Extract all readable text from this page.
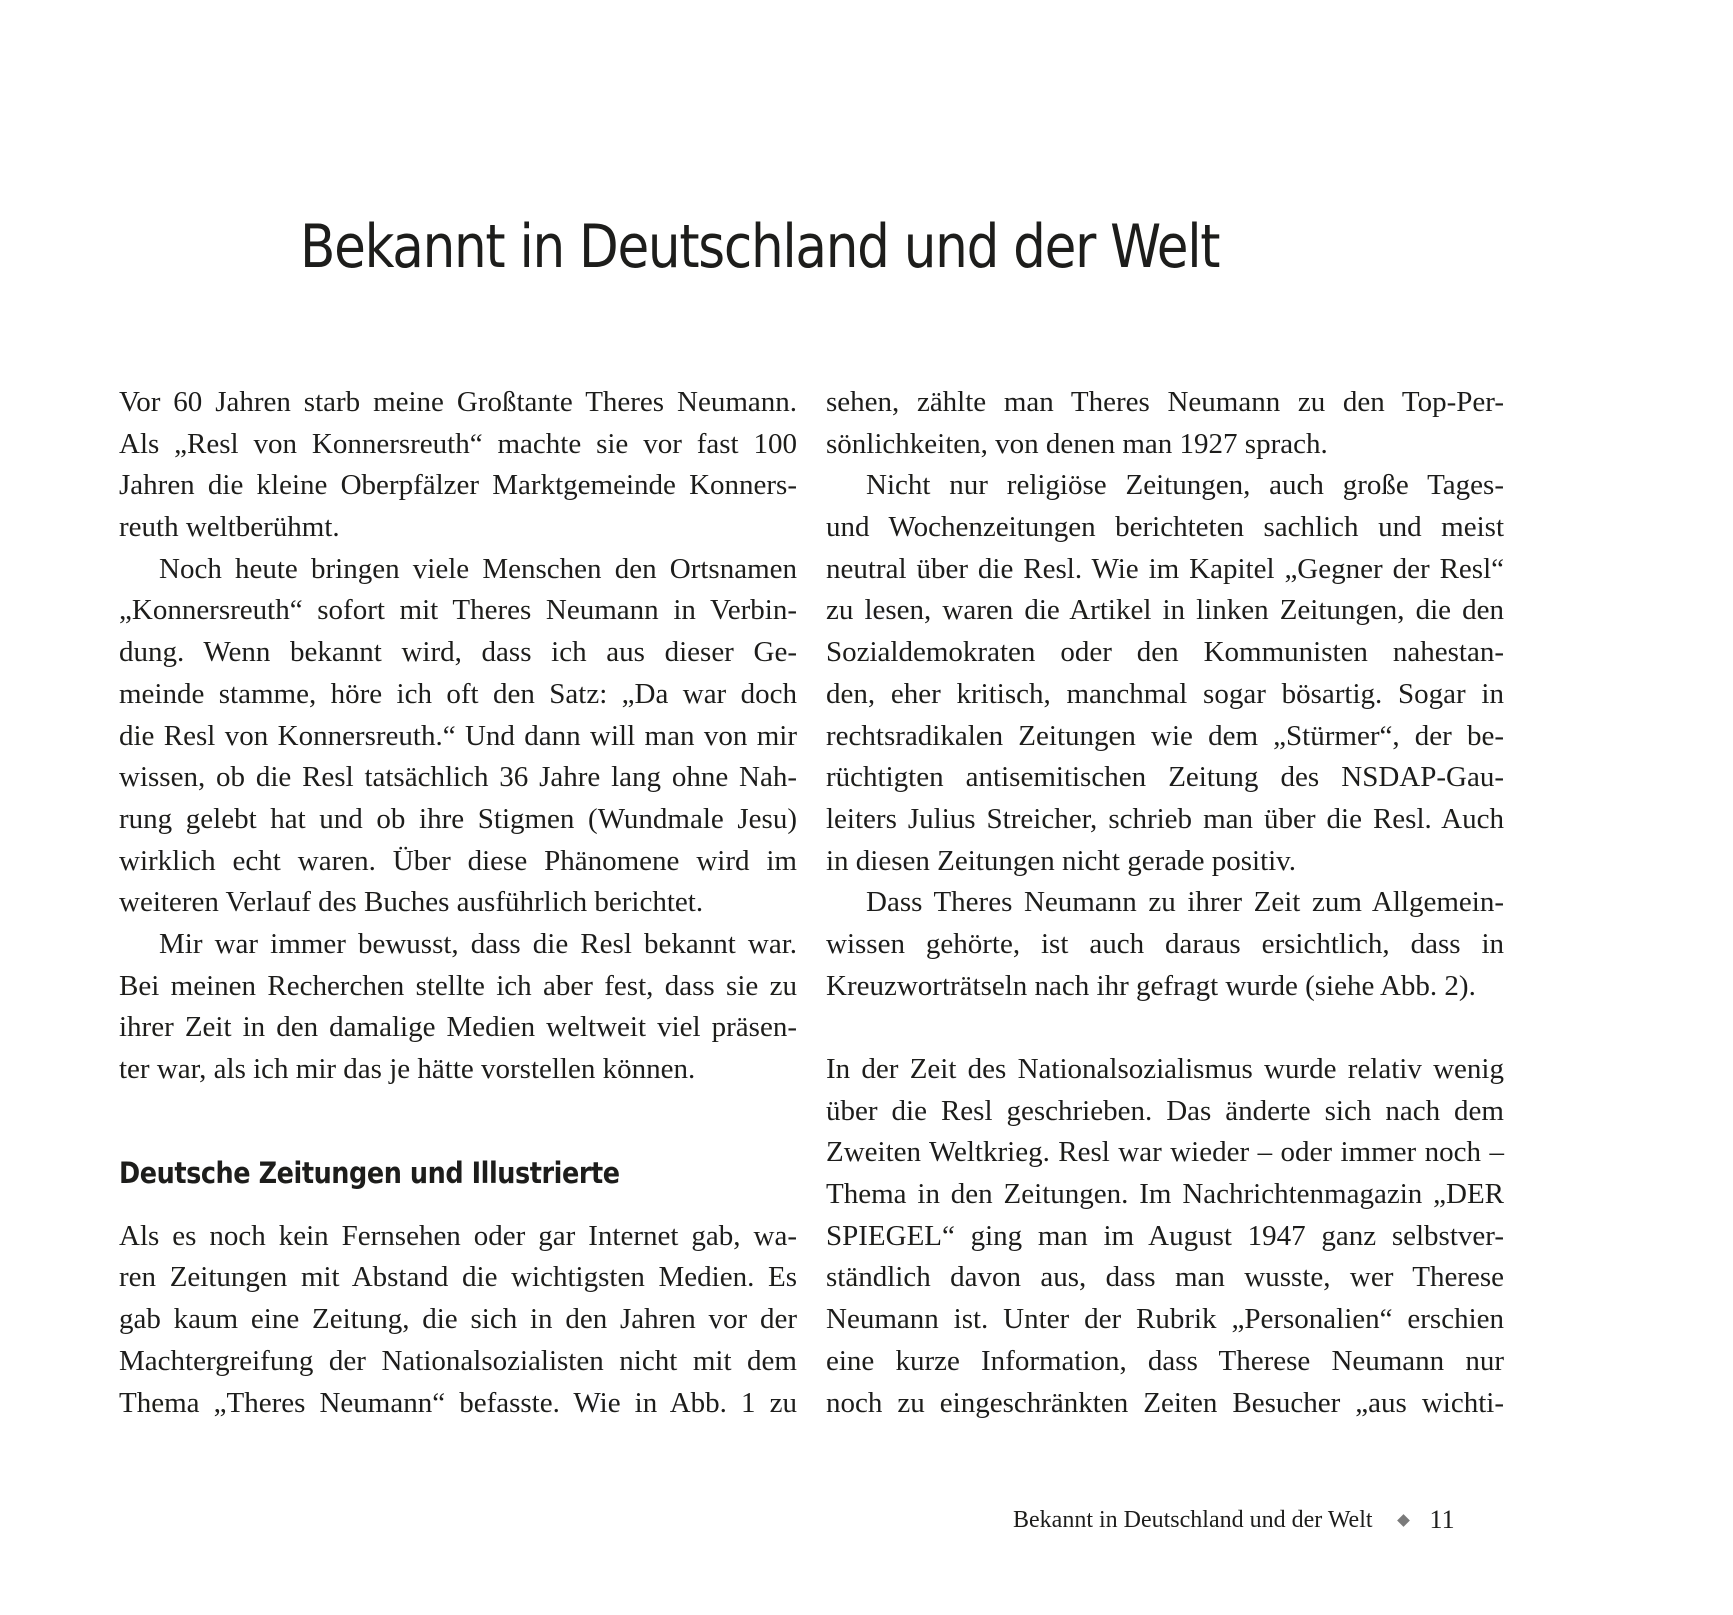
Bekannt in Deutschland und der Welt
Vor 60 Jahren starb meine Großtante Theres Neumann.
Als „Resl von Konnersreuth“ machte sie vor fast 100
Jahren die kleine Oberpfälzer Marktgemeinde Konners-
reuth weltberühmt.
Noch heute bringen viele Menschen den Ortsnamen
„Konnersreuth“ sofort mit Theres Neumann in Verbin-
dung. Wenn bekannt wird, dass ich aus dieser Ge-
meinde stamme, höre ich oft den Satz: „Da war doch
die Resl von Konnersreuth.“ Und dann will man von mir
wissen, ob die Resl tatsächlich 36 Jahre lang ohne Nah-
rung gelebt hat und ob ihre Stigmen (Wundmale Jesu)
wirklich echt waren. Über diese Phänomene wird im
weiteren Verlauf des Buches ausführlich berichtet.
Mir war immer bewusst, dass die Resl bekannt war.
Bei meinen Recherchen stellte ich aber fest, dass sie zu
ihrer Zeit in den damalige Medien weltweit viel präsen-
ter war, als ich mir das je hätte vorstellen können.
Deutsche Zeitungen und Illustrierte
Als es noch kein Fernsehen oder gar Internet gab, wa-
ren Zeitungen mit Abstand die wichtigsten Medien. Es
gab kaum eine Zeitung, die sich in den Jahren vor der
Machtergreifung der Nationalsozialisten nicht mit dem
Thema „Theres Neumann“ befasste. Wie in Abb. 1 zu
sehen, zählte man Theres Neumann zu den Top-Per-
sönlichkeiten, von denen man 1927 sprach.
Nicht nur religiöse Zeitungen, auch große Tages-
und Wochenzeitungen berichteten sachlich und meist
neutral über die Resl. Wie im Kapitel „Gegner der Resl“
zu lesen, waren die Artikel in linken Zeitungen, die den
Sozialdemokraten oder den Kommunisten nahestan-
den, eher kritisch, manchmal sogar bösartig. Sogar in
rechtsradikalen Zeitungen wie dem „Stürmer“, der be-
rüchtigten antisemitischen Zeitung des NSDAP-Gau-
leiters Julius Streicher, schrieb man über die Resl. Auch
in diesen Zeitungen nicht gerade positiv.
Dass Theres Neumann zu ihrer Zeit zum Allgemein-
wissen gehörte, ist auch daraus ersichtlich, dass in
Kreuzworträtseln nach ihr gefragt wurde (siehe Abb. 2).
In der Zeit des Nationalsozialismus wurde relativ wenig
über die Resl geschrieben. Das änderte sich nach dem
Zweiten Weltkrieg. Resl war wieder – oder immer noch –
Thema in den Zeitungen. Im Nachrichtenmagazin „DER
SPIEGEL“ ging man im August 1947 ganz selbstver-
ständlich davon aus, dass man wusste, wer Therese
Neumann ist. Unter der Rubrik „Personalien“ erschien
eine kurze Information, dass Therese Neumann nur
noch zu eingeschränkten Zeiten Besucher „aus wichti-
Bekannt in Deutschland und der Welt 11
